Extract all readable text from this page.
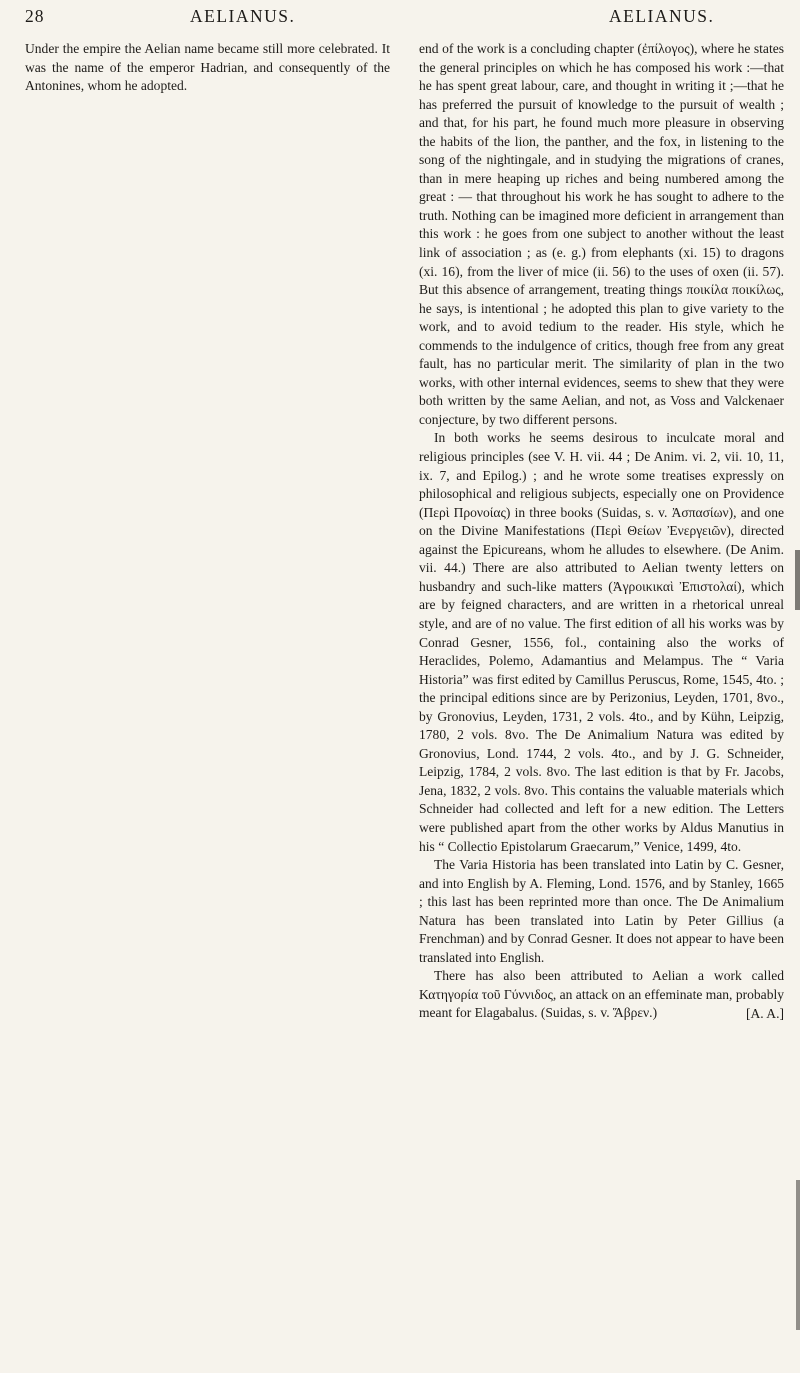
28	AELIANUS.	AELIANUS.

Under the empire the Aelian name became still more celebrated. It was the name of the emperor Hadrian, and consequently of the Antonines, whom he adopted.

end of the work is a concluding chapter (ἐπίλογος), where he states the general principles on which he has composed his work :—that he has spent great labour, care, and thought in writing it ;—that he has preferred the pursuit of knowledge to the pursuit of wealth ; and that, for his part, he found much more pleasure in observing the habits of the lion, the panther, and the fox, in listening to the song of the nightingale, and in studying the migrations of cranes, than in mere heaping up riches and being numbered among the great : — that throughout his work he has sought to adhere to the truth. Nothing can be imagined more deficient in arrangement than this work : he goes from one subject to another without the least link of association ; as (e. g.) from elephants (xi. 15) to dragons (xi. 16), from the liver of mice (ii. 56) to the uses of oxen (ii. 57). But this absence of arrangement, treating things ποικίλα ποικίλως, he says, is intentional ; he adopted this plan to give variety to the work, and to avoid tedium to the reader. His style, which he commends to the indulgence of critics, though free from any great fault, has no particular merit. The similarity of plan in the two works, with other internal evidences, seems to shew that they were both written by the same Aelian, and not, as Voss and Valckenaer conjecture, by two different persons.

In both works he seems desirous to inculcate moral and religious principles (see V. H. vii. 44 ; De Anim. vi. 2, vii. 10, 11, ix. 7, and Epilog.) ; and he wrote some treatises expressly on philosophical and religious subjects, especially one on Providence (Περὶ Προνοίας) in three books (Suidas, s. v. Ἀσπασίων), and one on the Divine Manifestations (Περὶ Θείων Ἐνεργειῶν), directed against the Epicureans, whom he alludes to elsewhere. (De Anim. vii. 44.) There are also attributed to Aelian twenty letters on husbandry and such-like matters (Ἀγροικικαὶ Ἐπιστολαί), which are by feigned characters, and are written in a rhetorical unreal style, and are of no value. The first edition of all his works was by Conrad Gesner, 1556, fol., containing also the works of Heraclides, Polemo, Adamantius and Melampus. The “ Varia Historia” was first edited by Camillus Peruscus, Rome, 1545, 4to. ; the principal editions since are by Perizonius, Leyden, 1701, 8vo., by Gronovius, Leyden, 1731, 2 vols. 4to., and by Kühn, Leipzig, 1780, 2 vols. 8vo. The De Animalium Natura was edited by Gronovius, Lond. 1744, 2 vols. 4to., and by J. G. Schneider, Leipzig, 1784, 2 vols. 8vo. The last edition is that by Fr. Jacobs, Jena, 1832, 2 vols. 8vo. This contains the valuable materials which Schneider had collected and left for a new edition. The Letters were published apart from the other works by Aldus Manutius in his “ Collectio Epistolarum Graecarum,” Venice, 1499, 4to.

The Varia Historia has been translated into Latin by C. Gesner, and into English by A. Fleming, Lond. 1576, and by Stanley, 1665 ; this last has been reprinted more than once. The De Animalium Natura has been translated into Latin by Peter Gillius (a Frenchman) and by Conrad Gesner. It does not appear to have been translated into English.

There has also been attributed to Aelian a work called Κατηγορία τοῦ Γύννιδος, an attack on an effeminate man, probably meant for Elagabalus. (Suidas, s. v. Ἅβρεν.)	[A. A.]
